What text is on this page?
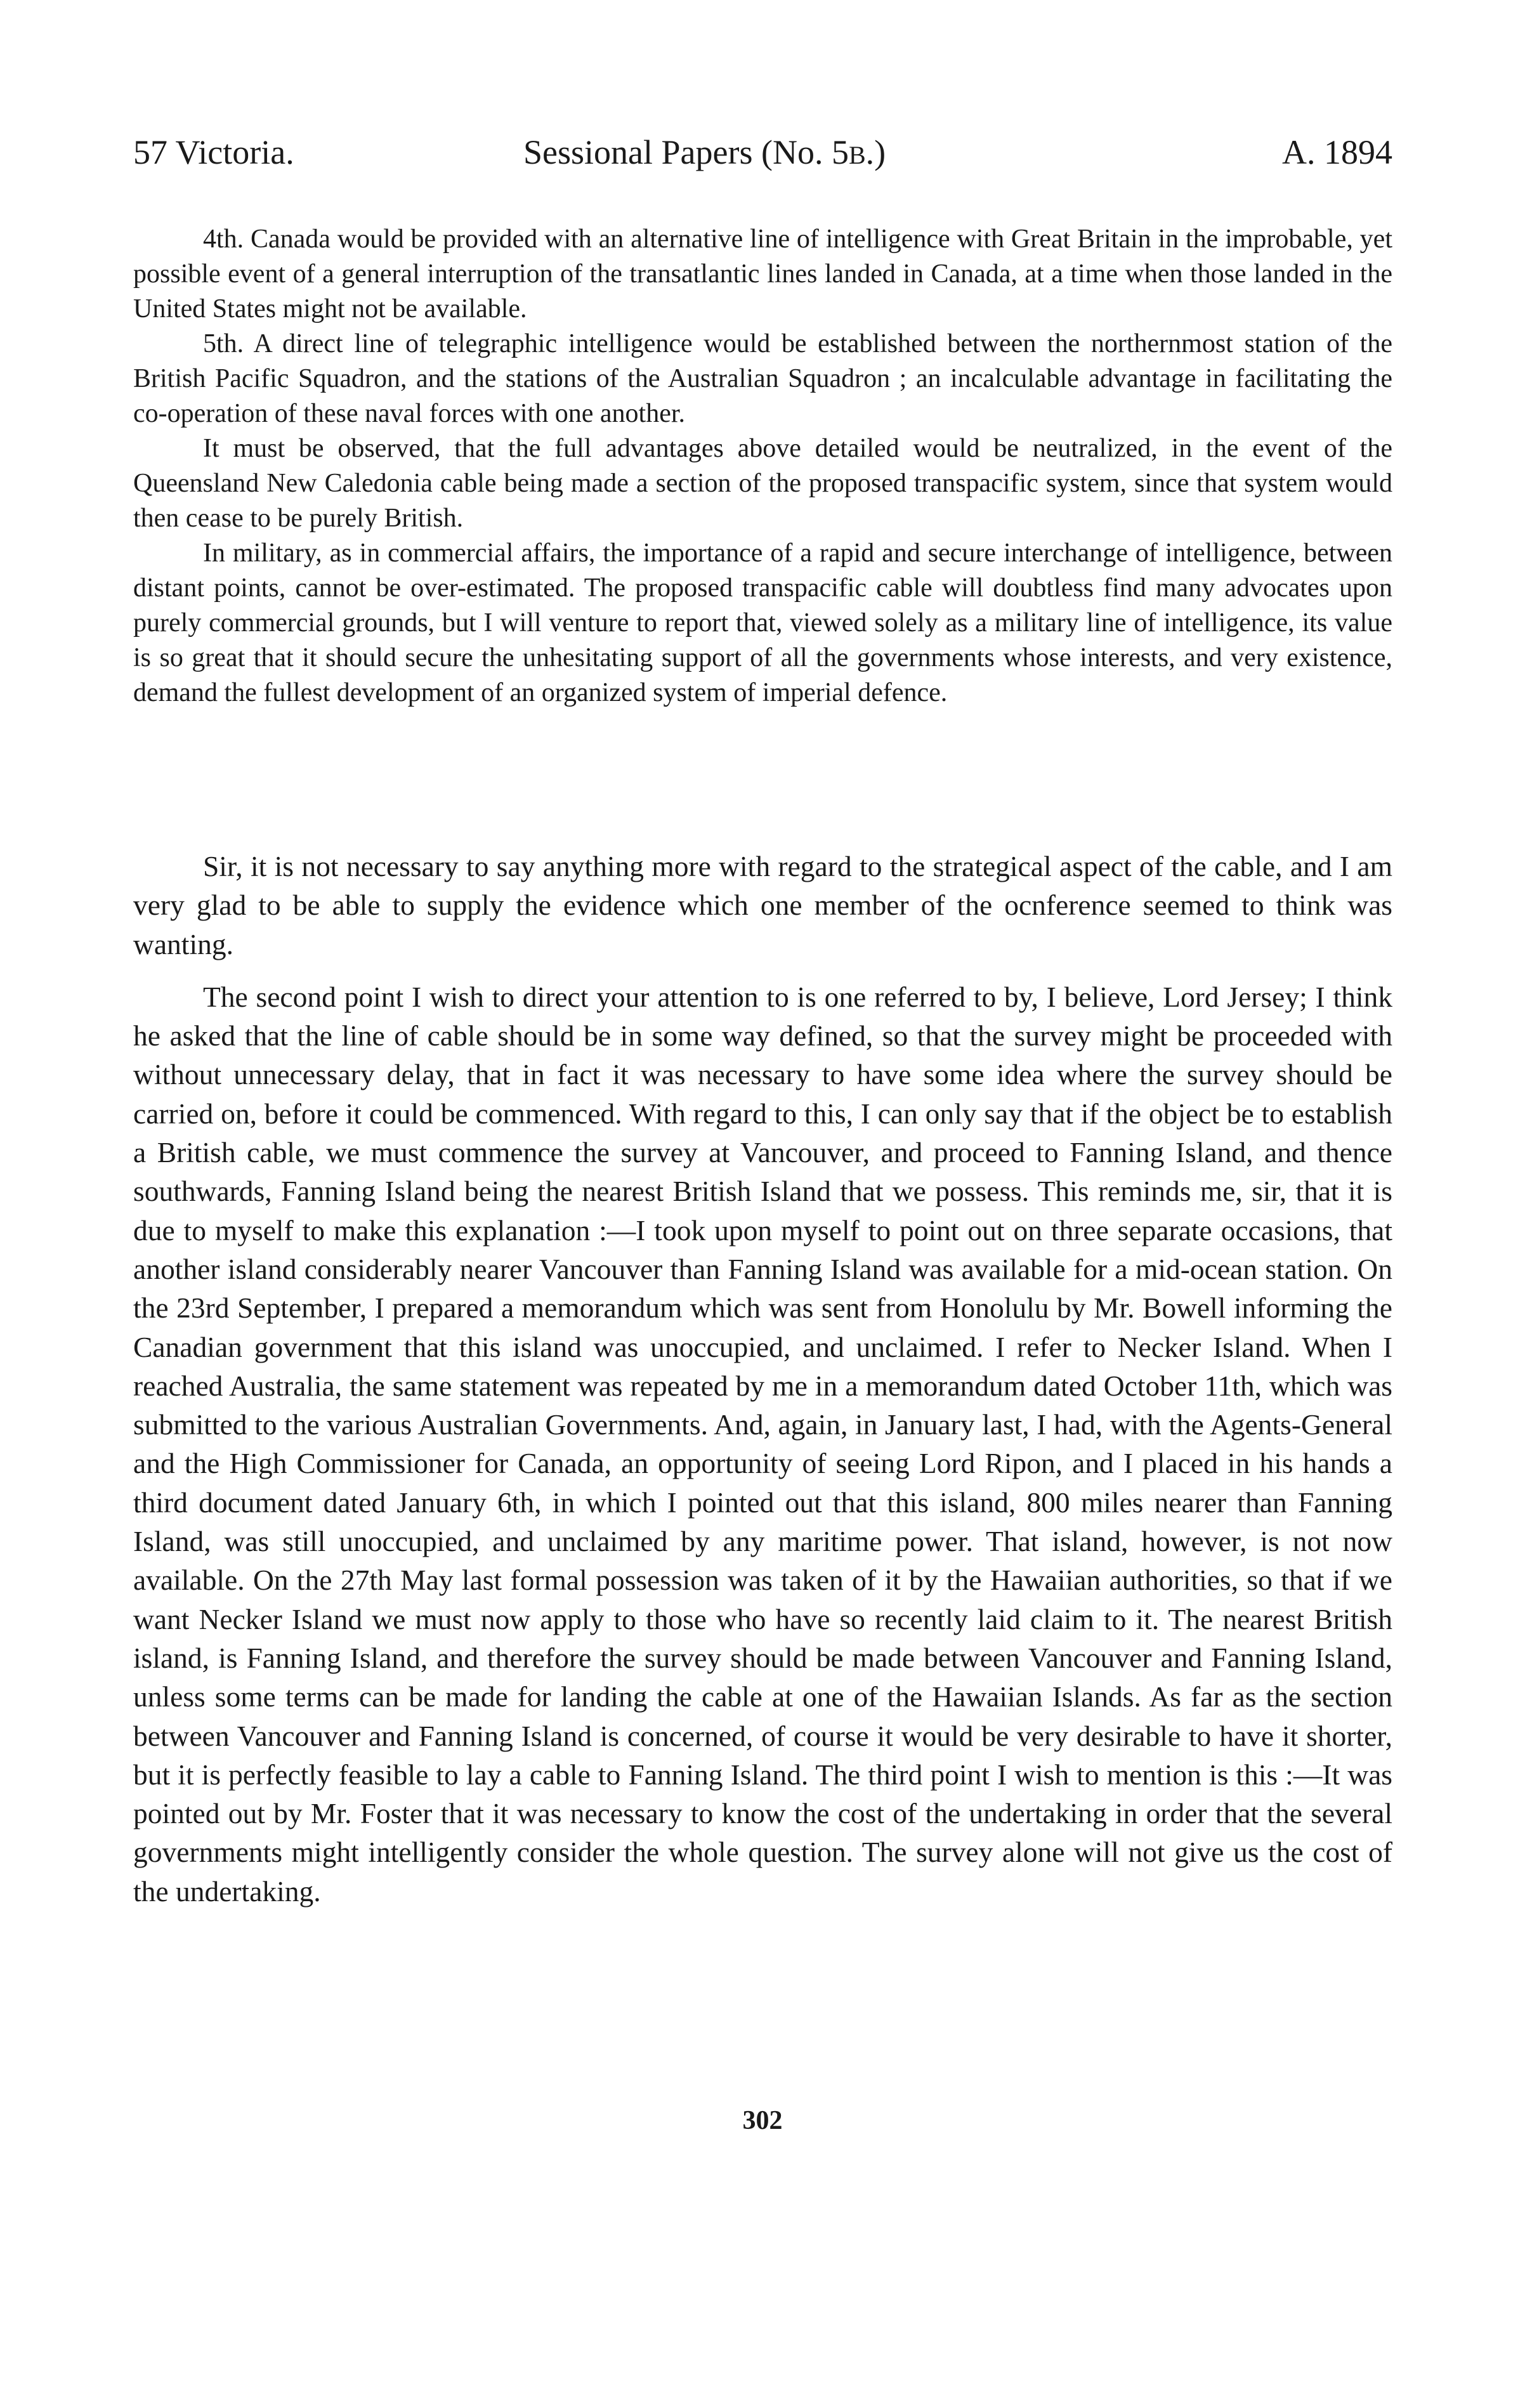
57 Victoria.	Sessional Papers (No. 5B.)	A. 1894

4th. Canada would be provided with an alternative line of intelligence with Great Britain in the improbable, yet possible event of a general interruption of the transatlantic lines landed in Canada, at a time when those landed in the United States might not be available.

5th. A direct line of telegraphic intelligence would be established between the northernmost station of the British Pacific Squadron, and the stations of the Australian Squadron ; an incalculable advantage in facilitating the co-operation of these naval forces with one another.

It must be observed, that the full advantages above detailed would be neutralized, in the event of the Queensland New Caledonia cable being made a section of the proposed transpacific system, since that system would then cease to be purely British.

In military, as in commercial affairs, the importance of a rapid and secure interchange of intelligence, between distant points, cannot be over-estimated. The proposed transpacific cable will doubtless find many advocates upon purely commercial grounds, but I will venture to report that, viewed solely as a military line of intelligence, its value is so great that it should secure the unhesitating support of all the governments whose interests, and very existence, demand the fullest development of an organized system of imperial defence.

Sir, it is not necessary to say anything more with regard to the strategical aspect of the cable, and I am very glad to be able to supply the evidence which one member of the ocnference seemed to think was wanting.

The second point I wish to direct your attention to is one referred to by, I believe, Lord Jersey; I think he asked that the line of cable should be in some way defined, so that the survey might be proceeded with without unnecessary delay, that in fact it was necessary to have some idea where the survey should be carried on, before it could be commenced. With regard to this, I can only say that if the object be to establish a British cable, we must commence the survey at Vancouver, and proceed to Fanning Island, and thence southwards, Fanning Island being the nearest British Island that we possess. This reminds me, sir, that it is due to myself to make this explanation :—I took upon myself to point out on three separate occasions, that another island considerably nearer Vancouver than Fanning Island was available for a mid-ocean station. On the 23rd September, I prepared a memorandum which was sent from Honolulu by Mr. Bowell informing the Canadian government that this island was unoccupied, and unclaimed. I refer to Necker Island. When I reached Australia, the same statement was repeated by me in a memorandum dated October 11th, which was submitted to the various Australian Governments. And, again, in January last, I had, with the Agents-General and the High Commissioner for Canada, an opportunity of seeing Lord Ripon, and I placed in his hands a third document dated January 6th, in which I pointed out that this island, 800 miles nearer than Fanning Island, was still unoccupied, and unclaimed by any maritime power. That island, however, is not now available. On the 27th May last formal possession was taken of it by the Hawaiian authorities, so that if we want Necker Island we must now apply to those who have so recently laid claim to it. The nearest British island, is Fanning Island, and therefore the survey should be made between Vancouver and Fanning Island, unless some terms can be made for landing the cable at one of the Hawaiian Islands. As far as the section between Vancouver and Fanning Island is concerned, of course it would be very desirable to have it shorter, but it is perfectly feasible to lay a cable to Fanning Island. The third point I wish to mention is this :—It was pointed out by Mr. Foster that it was necessary to know the cost of the undertaking in order that the several governments might intelligently consider the whole question. The survey alone will not give us the cost of the undertaking.

302
